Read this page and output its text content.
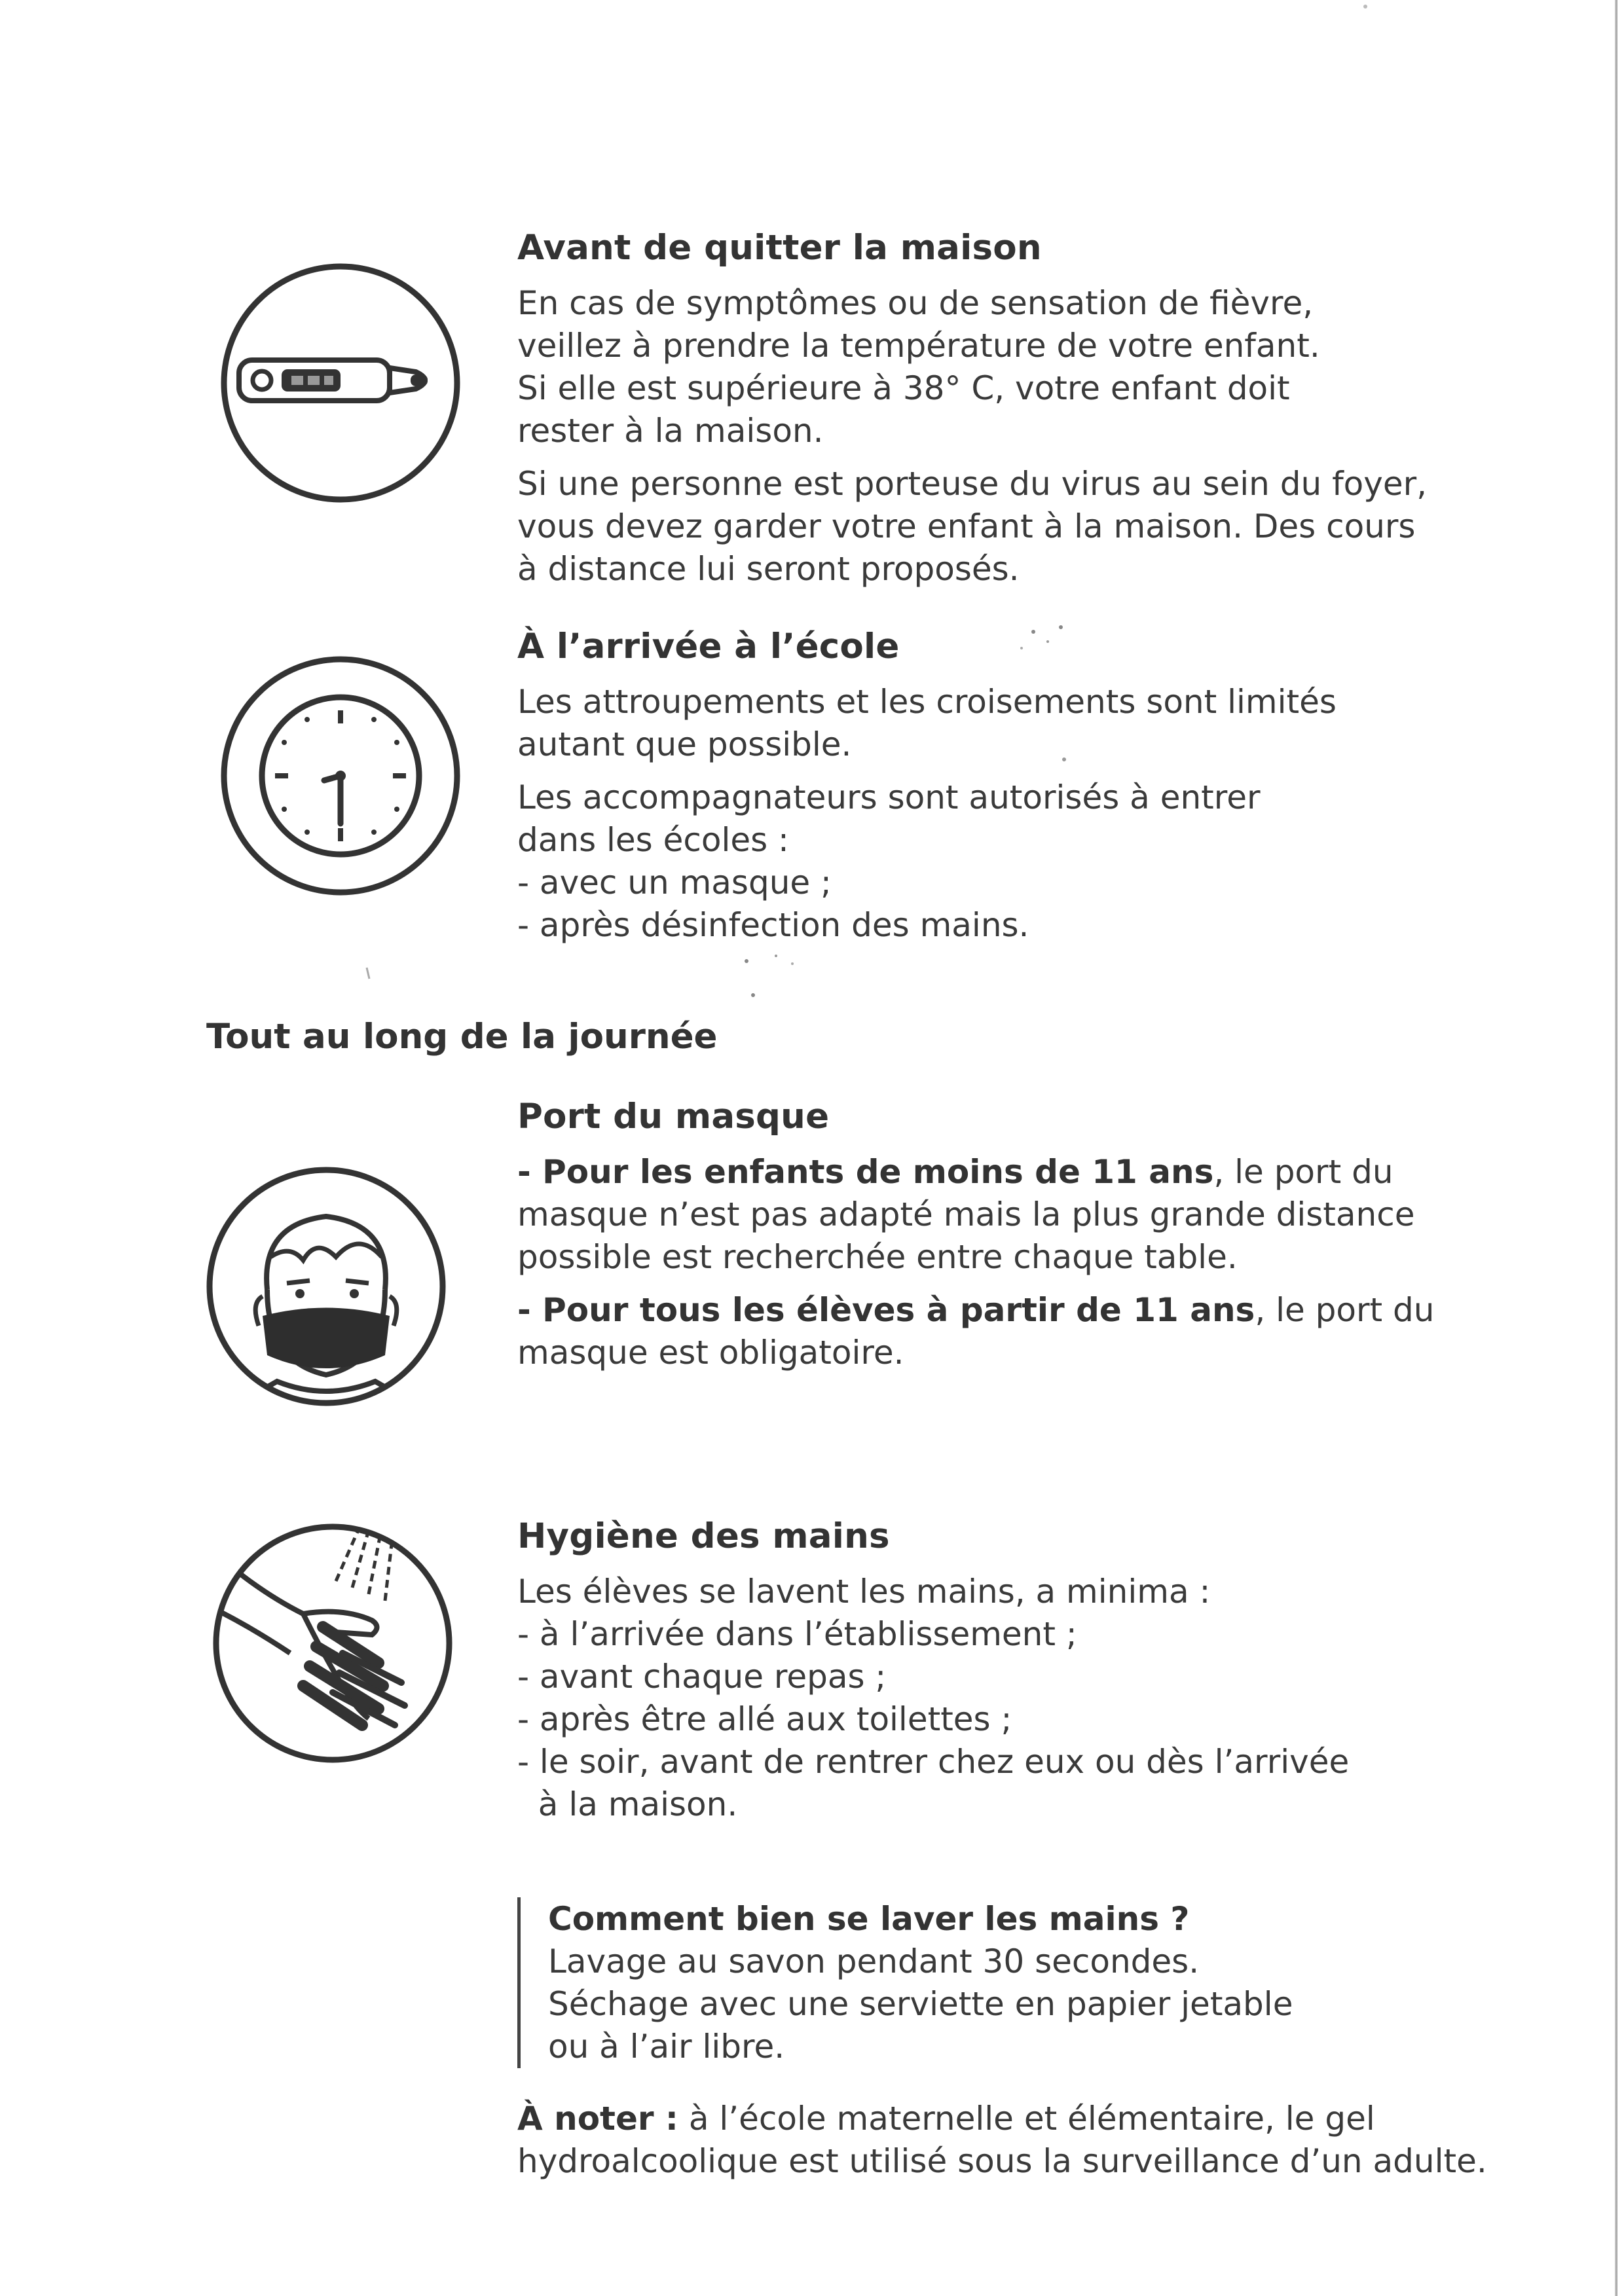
Avant de quitter la maison
En cas de symptômes ou de sensation de fièvre,
veillez à prendre la température de votre enfant.
Si elle est supérieure à 38° C, votre enfant doit
rester à la maison.
Si une personne est porteuse du virus au sein du foyer,
vous devez garder votre enfant à la maison. Des cours
à distance lui seront proposés.
À l’arrivée à l’école
Les attroupements et les croisements sont limités
autant que possible.
Les accompagnateurs sont autorisés à entrer
dans les écoles :
- avec un masque ;
- après désinfection des mains.
Tout au long de la journée
Port du masque
- Pour les enfants de moins de 11 ans, le port du
masque n’est pas adapté mais la plus grande distance
possible est recherchée entre chaque table.
- Pour tous les élèves à partir de 11 ans, le port du
masque est obligatoire.
Hygiène des mains
Les élèves se lavent les mains, a minima :
- à l’arrivée dans l’établissement ;
- avant chaque repas ;
- après être allé aux toilettes ;
- le soir, avant de rentrer chez eux ou dès l’arrivée
à la maison.
Comment bien se laver les mains ?
Lavage au savon pendant 30 secondes.
Séchage avec une serviette en papier jetable
ou à l’air libre.
À noter : à l’école maternelle et élémentaire, le gel
hydroalcoolique est utilisé sous la surveillance d’un adulte.
